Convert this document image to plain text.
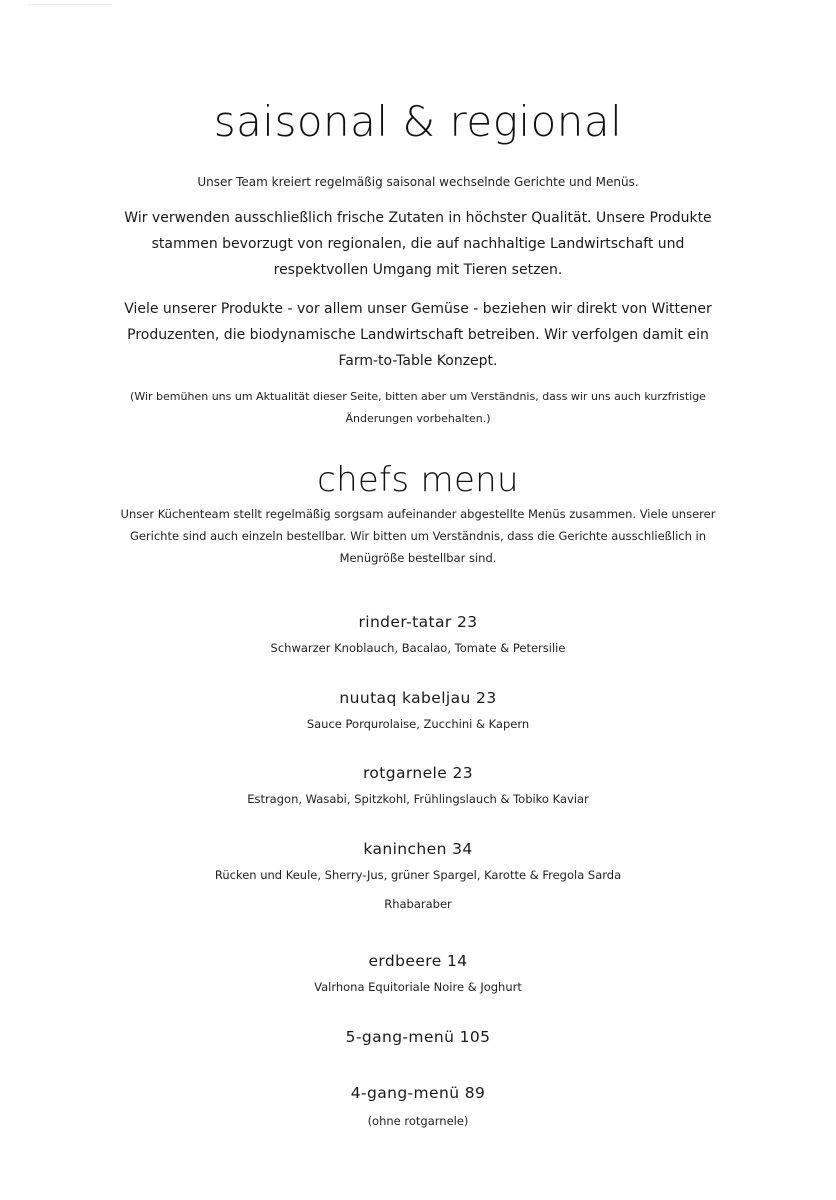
saisonal & regional
Unser Team kreiert regelmäßig saisonal wechselnde Gerichte und Menüs.
Wir verwenden ausschließlich frische Zutaten in höchster Qualität. Unsere Produkte stammen bevorzugt von regionalen, die auf nachhaltige Landwirtschaft und respektvollen Umgang mit Tieren setzen.
Viele unserer Produkte - vor allem unser Gemüse - beziehen wir direkt von Wittener Produzenten, die biodynamische Landwirtschaft betreiben. Wir verfolgen damit ein Farm-to-Table Konzept.
(Wir bemühen uns um Aktualität dieser Seite, bitten aber um Verständnis, dass wir uns auch kurzfristige Änderungen vorbehalten.)
chefs menu
Unser Küchenteam stellt regelmäßig sorgsam aufeinander abgestellte Menüs zusammen. Viele unserer Gerichte sind auch einzeln bestellbar. Wir bitten um Verständnis, dass die Gerichte ausschließlich in Menügröße bestellbar sind.
rinder-tatar 23
Schwarzer Knoblauch, Bacalao, Tomate & Petersilie
nuutaq kabeljau 23
Sauce Porqurolaise, Zucchini & Kapern
rotgarnele 23
Estragon, Wasabi, Spitzkohl, Frühlingslauch & Tobiko Kaviar
kaninchen 34
Rücken und Keule, Sherry-Jus, grüner Spargel, Karotte & Fregola Sarda
Rhabaraber
erdbeere 14
Valrhona Equitoriale Noire & Joghurt
5-gang-menü 105
4-gang-menü 89
(ohne rotgarnele)
